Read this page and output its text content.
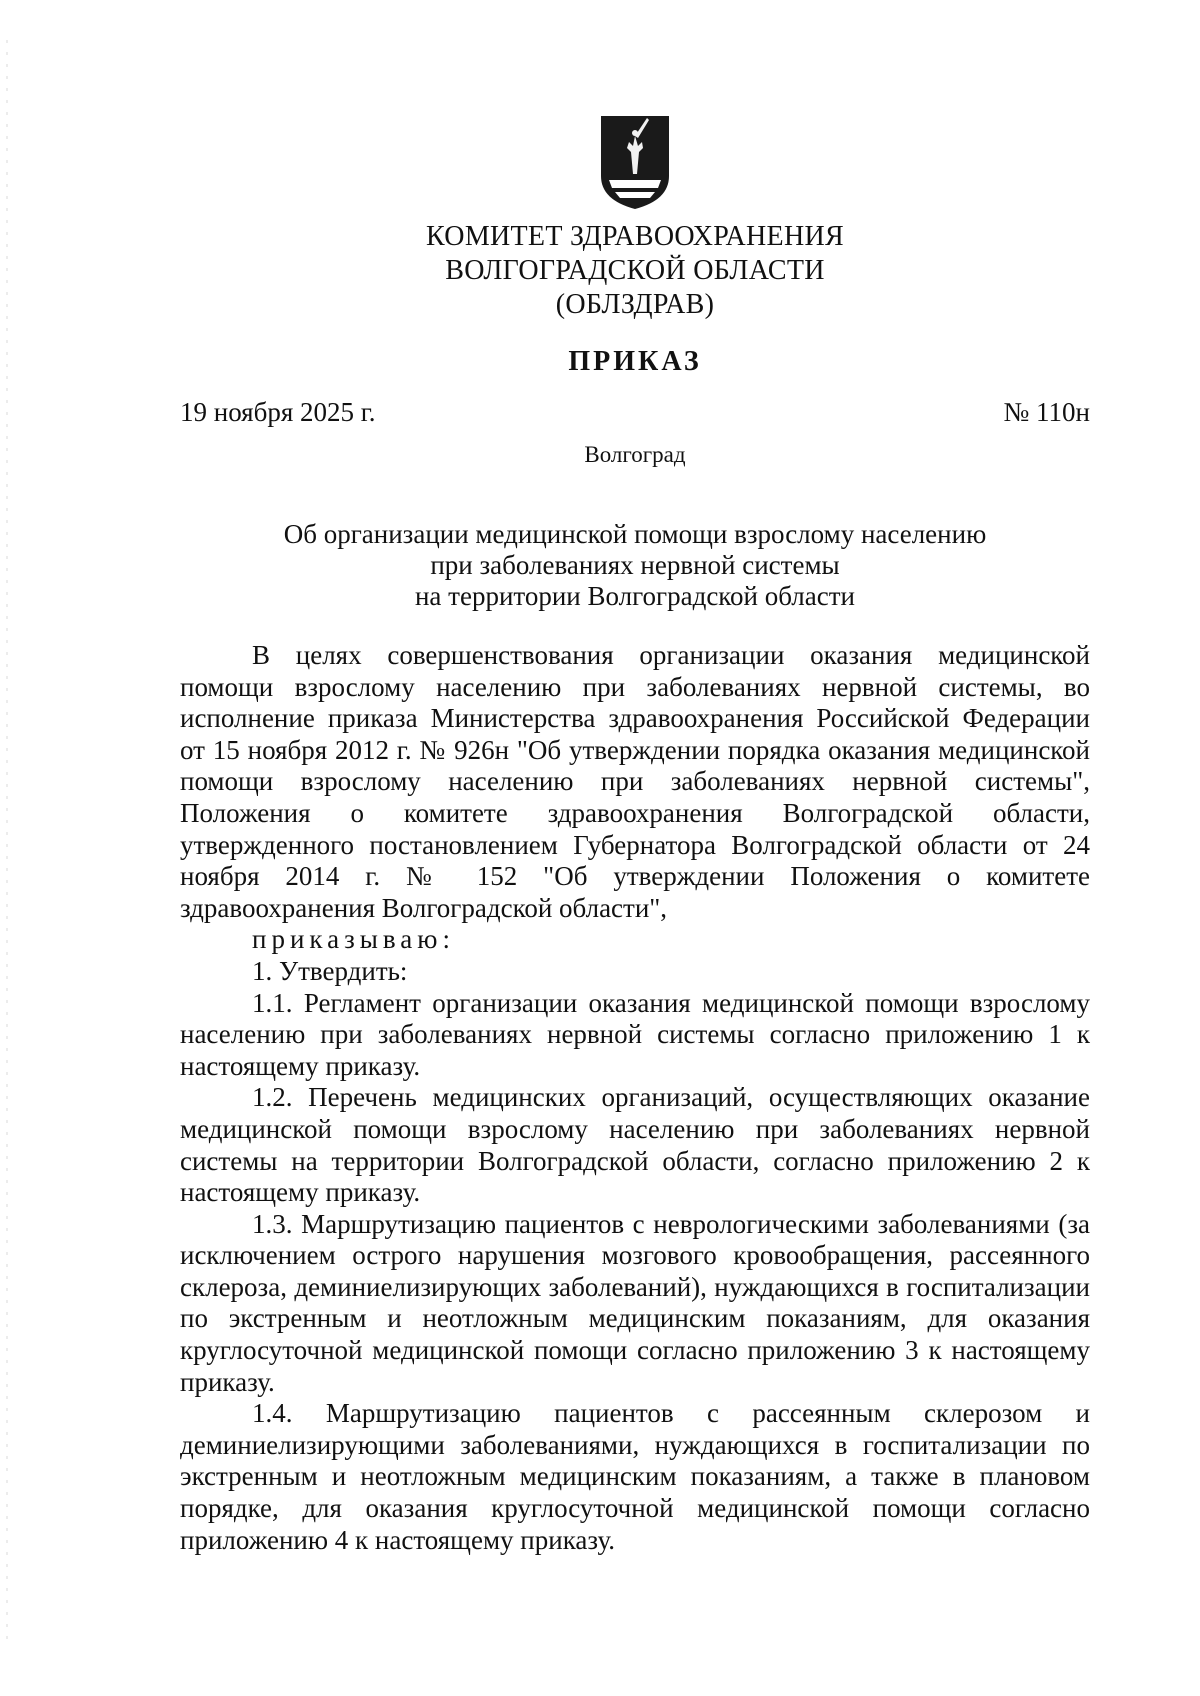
КОМИТЕТ ЗДРАВООХРАНЕНИЯ
ВОЛГОГРАДСКОЙ ОБЛАСТИ
(ОБЛЗДРАВ)
ПРИКАЗ
19 ноября 2025 г.	№ 110н
Волгоград
Об организации медицинской помощи взрослому населению
при заболеваниях нервной системы
на территории Волгоградской области

В целях совершенствования организации оказания медицинской помощи взрослому населению при заболеваниях нервной системы, во исполнение приказа Министерства здравоохранения Российской Федерации от 15 ноября 2012 г. № 926н "Об утверждении порядка оказания медицинской помощи взрослому населению при заболеваниях нервной системы", Положения о комитете здравоохранения Волгоградской области, утвержденного постановлением Губернатора Волгоградской области от 24 ноября 2014 г. № 152 "Об утверждении Положения о комитете здравоохранения Волгоградской области",

приказываю:

1. Утвердить:

1.1. Регламент организации оказания медицинской помощи взрослому населению при заболеваниях нервной системы согласно приложению 1 к настоящему приказу.

1.2. Перечень медицинских организаций, осуществляющих оказание медицинской помощи взрослому населению при заболеваниях нервной системы на территории Волгоградской области, согласно приложению 2 к настоящему приказу.

1.3. Маршрутизацию пациентов с неврологическими заболеваниями (за исключением острого нарушения мозгового кровообращения, рассеянного склероза, деминиелизирующих заболеваний), нуждающихся в госпитализации по экстренным и неотложным медицинским показаниям, для оказания круглосуточной медицинской помощи согласно приложению 3 к настоящему приказу.

1.4. Маршрутизацию пациентов с рассеянным склерозом и деминиелизирующими заболеваниями, нуждающихся в госпитализации по экстренным и неотложным медицинским показаниям, а также в плановом порядке, для оказания круглосуточной медицинской помощи согласно приложению 4 к настоящему приказу.
